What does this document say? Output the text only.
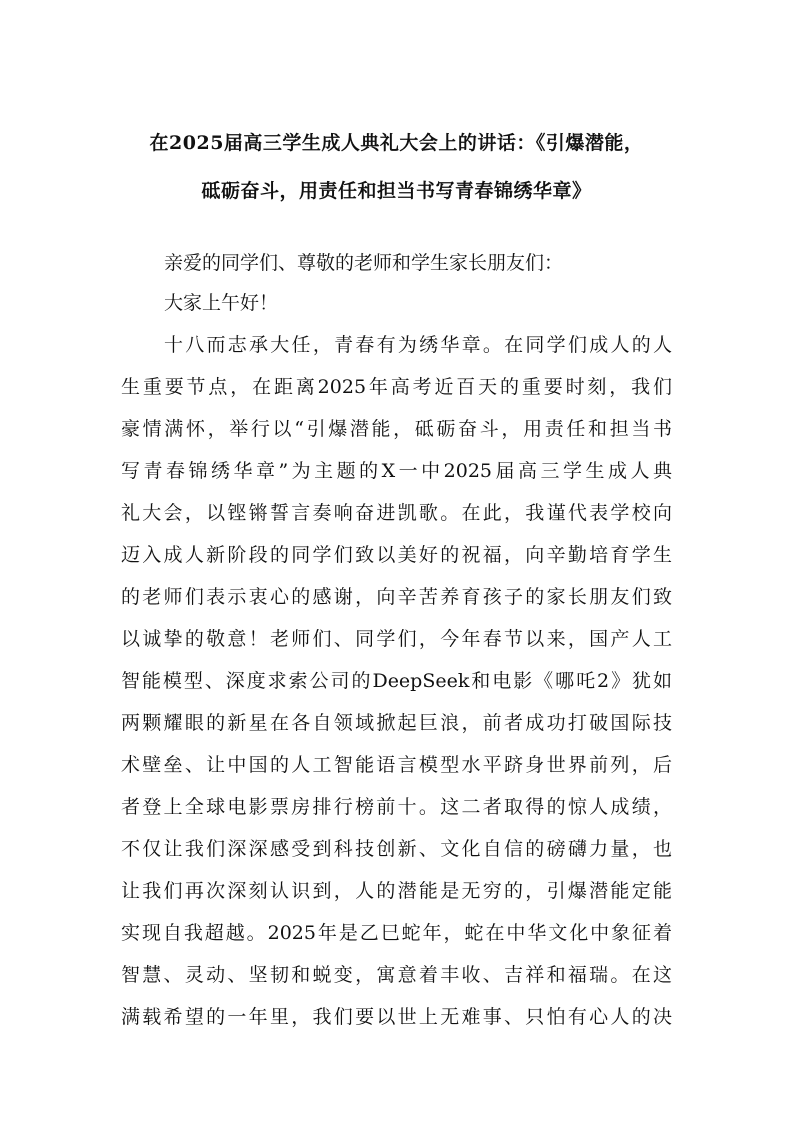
在2025届高三学生成人典礼大会上的讲话：《引爆潜能，
砥砺奋斗，用责任和担当书写青春锦绣华章》
亲爱的同学们、尊敬的老师和学生家长朋友们：
大家上午好！
十八而志承大任，青春有为绣华章。在同学们成人的人
生重要节点，在距离2025年高考近百天的重要时刻，我们
豪情满怀，举行以“引爆潜能，砥砺奋斗，用责任和担当书
写青春锦绣华章”为主题的X一中2025届高三学生成人典
礼大会，以铿锵誓言奏响奋进凯歌。在此，我谨代表学校向
迈入成人新阶段的同学们致以美好的祝福，向辛勤培育学生
的老师们表示衷心的感谢，向辛苦养育孩子的家长朋友们致
以诚挚的敬意！老师们、同学们，今年春节以来，国产人工
智能模型、深度求索公司的DeepSeek和电影《哪吒2》犹如
两颗耀眼的新星在各自领域掀起巨浪，前者成功打破国际技
术壁垒、让中国的人工智能语言模型水平跻身世界前列，后
者登上全球电影票房排行榜前十。这二者取得的惊人成绩，
不仅让我们深深感受到科技创新、文化自信的磅礴力量，也
让我们再次深刻认识到，人的潜能是无穷的，引爆潜能定能
实现自我超越。2025年是乙巳蛇年，蛇在中华文化中象征着
智慧、灵动、坚韧和蜕变，寓意着丰收、吉祥和福瑞。在这
满载希望的一年里，我们要以世上无难事、只怕有心人的决
